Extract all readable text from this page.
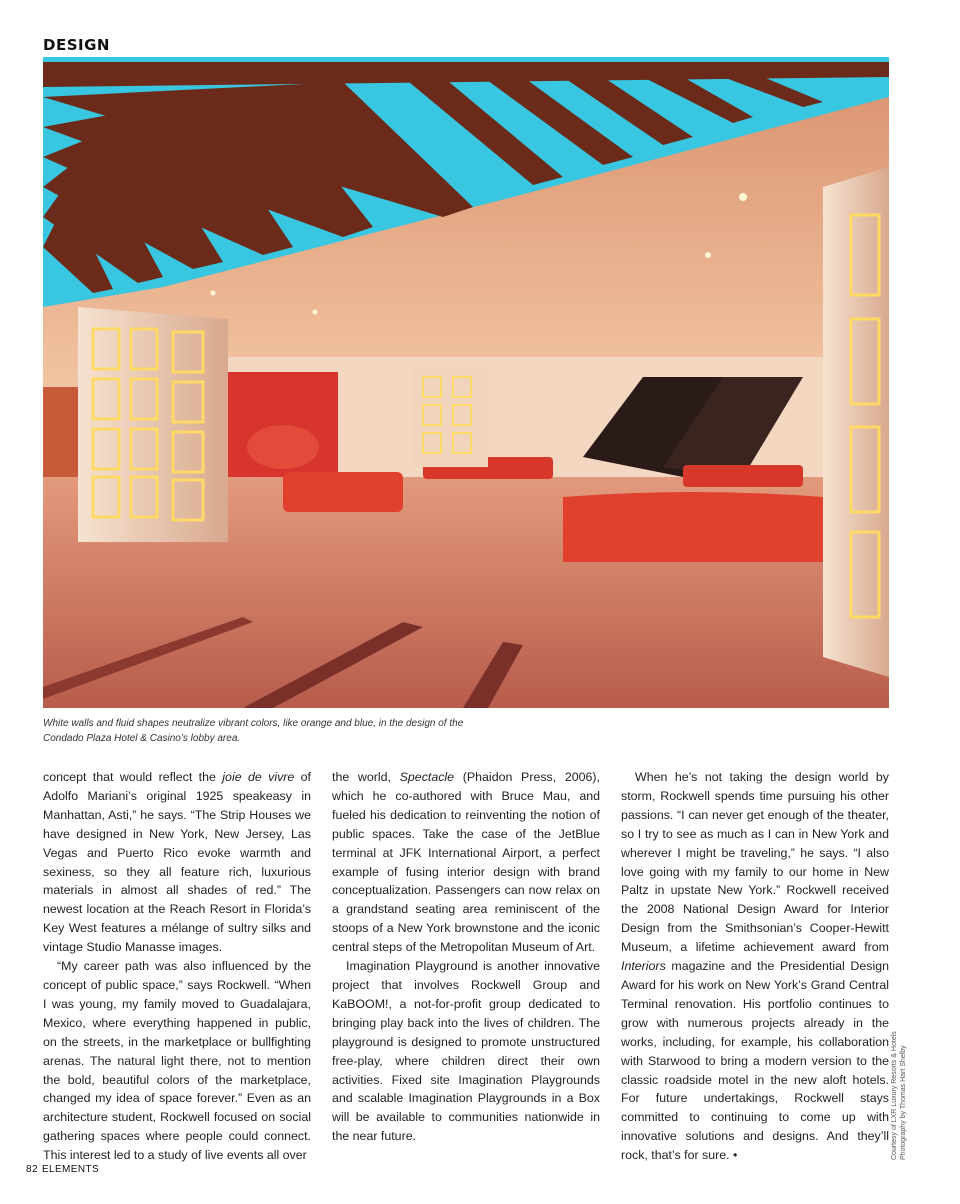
DESIGN
White walls and fluid shapes neutralize vibrant colors, like orange and blue, in the design of the
Condado Plaza Hotel & Casino’s lobby area.

concept that would reflect the joie de vivre of Adolfo Mariani’s original 1925 speakeasy in Manhattan, Asti,” he says. “The Strip Houses we have designed in New York, New Jersey, Las Vegas and Puerto Rico evoke warmth and sexiness, so they all feature rich, luxurious materials in almost all shades of red.” The newest location at the Reach Resort in Florida’s Key West features a mélange of sultry silks and vintage Studio Manasse images.

“My career path was also influenced by the concept of public space,” says Rockwell. “When I was young, my family moved to Guadalajara, Mexico, where everything happened in public, on the streets, in the marketplace or bullfighting arenas. The natural light there, not to mention the bold, beautiful colors of the marketplace, changed my idea of space forever.” Even as an architecture student, Rockwell focused on social gathering spaces where people could connect. This interest led to a study of live events all over

the world, Spectacle (Phaidon Press, 2006), which he co-authored with Bruce Mau, and fueled his dedication to reinventing the notion of public spaces. Take the case of the JetBlue terminal at JFK International Airport, a perfect example of fusing interior design with brand conceptualization. Passengers can now relax on a grandstand seating area reminiscent of the stoops of a New York brownstone and the iconic central steps of the Metropolitan Museum of Art.

Imagination Playground is another innovative project that involves Rockwell Group and KaBOOM!, a not-for-profit group dedicated to bringing play back into the lives of children. The playground is designed to promote unstructured free-play, where children direct their own activities. Fixed site Imagination Playgrounds and scalable Imagination Playgrounds in a Box will be available to communities nationwide in the near future.

When he’s not taking the design world by storm, Rockwell spends time pursuing his other passions. “I can never get enough of the theater, so I try to see as much as I can in New York and wherever I might be traveling,” he says. “I also love going with my family to our home in New Paltz in upstate New York.” Rockwell received the 2008 National Design Award for Interior Design from the Smithsonian’s Cooper-Hewitt Museum, a lifetime achievement award from Interiors magazine and the Presidential Design Award for his work on New York’s Grand Central Terminal renovation. His portfolio continues to grow with numerous projects already in the works, including, for example, his collaboration with Starwood to bring a modern version to the classic roadside motel in the new aloft hotels. For future undertakings, Rockwell stays committed to continuing to come up with innovative solutions and designs. And they’ll rock, that’s for sure. •	Courtesy of LXR Luxury Resorts & Hotels Photography by Thomas Hart Shelby
82 ELEMENTS
